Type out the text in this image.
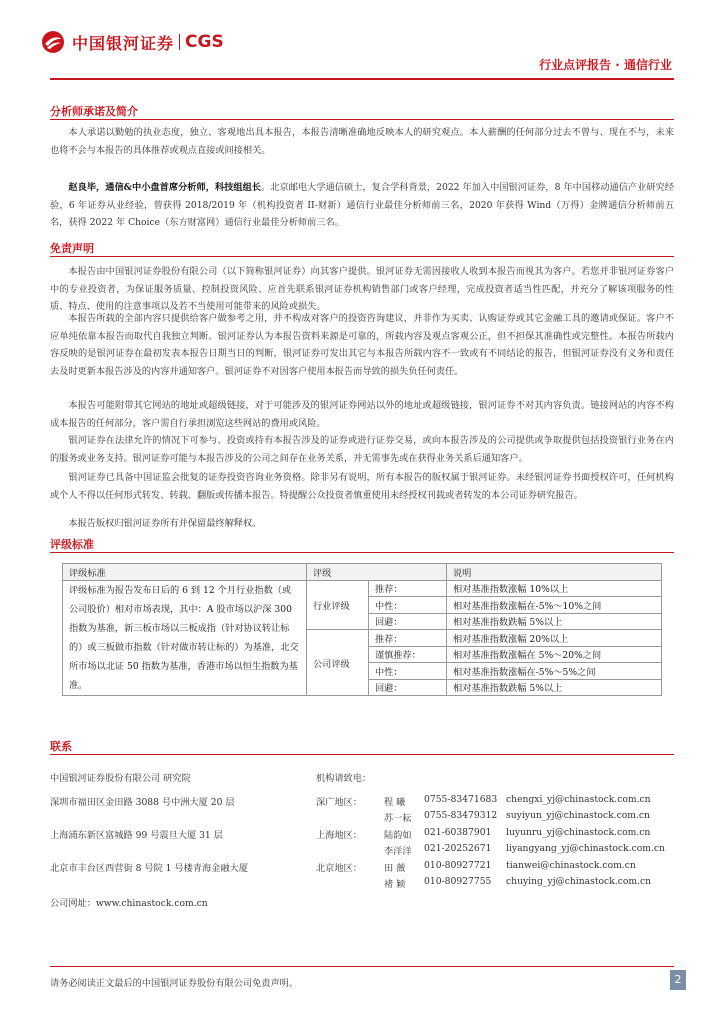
中国银河证券 CGS
行业点评报告 · 通信行业
分析师承诺及简介

本人承诺以勤勉的执业态度，独立、客观地出具本报告，本报告清晰准确地反映本人的研究观点。本人薪酬的任何部分过去不曾与、现在不与，未来也将不会与本报告的具体推荐或观点直接或间接相关。

赵良毕，通信&中小盘首席分析师，科技组组长。北京邮电大学通信硕士，复合学科背景，2022 年加入中国银河证券，8 年中国移动通信产业研究经验，6 年证券从业经验，曾获得 2018/2019 年（机构投资者 II-财新）通信行业最佳分析师前三名，2020 年获得 Wind（万得）金牌通信分析师前五名，获得 2022 年 Choice（东方财富网）通信行业最佳分析师前三名。

免责声明

本报告由中国银河证券股份有限公司（以下简称银河证券）向其客户提供。银河证券无需因接收人收到本报告而视其为客户。若您并非银河证券客户中的专业投资者，为保证服务质量、控制投资风险、应首先联系银河证券机构销售部门或客户经理，完成投资者适当性匹配，并充分了解该项服务的性质、特点、使用的注意事项以及若不当使用可能带来的风险或损失。

本报告所载的全部内容只提供给客户做参考之用，并不构成对客户的投资咨询建议，并非作为买卖、认购证券或其它金融工具的邀请或保证。客户不应单纯依靠本报告而取代自我独立判断。银河证券认为本报告资料来源是可靠的，所载内容及观点客观公正，但不担保其准确性或完整性。本报告所载内容反映的是银河证券在最初发表本报告日期当日的判断，银河证券可发出其它与本报告所载内容不一致或有不同结论的报告，但银河证券没有义务和责任去及时更新本报告涉及的内容并通知客户。银河证券不对因客户使用本报告而导致的损失负任何责任。

本报告可能附带其它网站的地址或超级链接，对于可能涉及的银河证券网站以外的地址或超级链接，银河证券不对其内容负责。链接网站的内容不构成本报告的任何部分，客户需自行承担浏览这些网站的费用或风险。

银河证券在法律允许的情况下可参与、投资或持有本报告涉及的证券或进行证券交易，或向本报告涉及的公司提供或争取提供包括投资银行业务在内的服务或业务支持。银河证券可能与本报告涉及的公司之间存在业务关系，并无需事先或在获得业务关系后通知客户。

银河证券已具备中国证监会批复的证券投资咨询业务资格。除非另有说明，所有本报告的版权属于银河证券。未经银河证券书面授权许可，任何机构或个人不得以任何形式转发、转载、翻版或传播本报告。特提醒公众投资者慎重使用未经授权刊载或者转发的本公司证券研究报告。

本报告版权归银河证券所有并保留最终解释权。

评级标准
评级标准	评级		说明
评级标准为报告发布日后的 6 到 12 个月行业指数（或公司股价）相对市场表现，其中：A 股市场以沪深 300 指数为基准，新三板市场以三板成指（针对协议转让标的）或三板做市指数（针对做市转让标的）为基准，北交所市场以北证 50 指数为基准，香港市场以恒生指数为基准。	行业评级	推荐：	相对基准指数涨幅 10%以上
		中性：	相对基准指数涨幅在-5%～10%之间
		回避：	相对基准指数跌幅 5%以上
	公司评级	推荐：	相对基准指数涨幅 20%以上
		谨慎推荐：	相对基准指数涨幅在 5%～20%之间
		中性：	相对基准指数涨幅在-5%～5%之间
		回避：	相对基准指数跌幅 5%以上
联系
中国银河证券股份有限公司 研究院	机构请致电：
深圳市福田区金田路 3088 号中洲大厦 20 层	深广地区： 程 曦 0755-83471683 chengxi_yj@chinastock.com.cn
苏一耘 0755-83479312 suyiyun_yj@chinastock.com.cn
上海浦东新区富城路 99 号震旦大厦 31 层	上海地区： 陆韵如 021-60387901 luyunru_yj@chinastock.com.cn
李洋洋 021-20252671 liyangyang_yj@chinastock.com.cn
北京市丰台区西营街 8 号院 1 号楼青海金融大厦	北京地区： 田 薇 010-80927721 tianwei@chinastock.com.cn
褚 颖 010-80927755 chuying_yj@chinastock.com.cn
公司网址：www.chinastock.com.cn
请务必阅读正文最后的中国银河证券股份有限公司免责声明。	2
